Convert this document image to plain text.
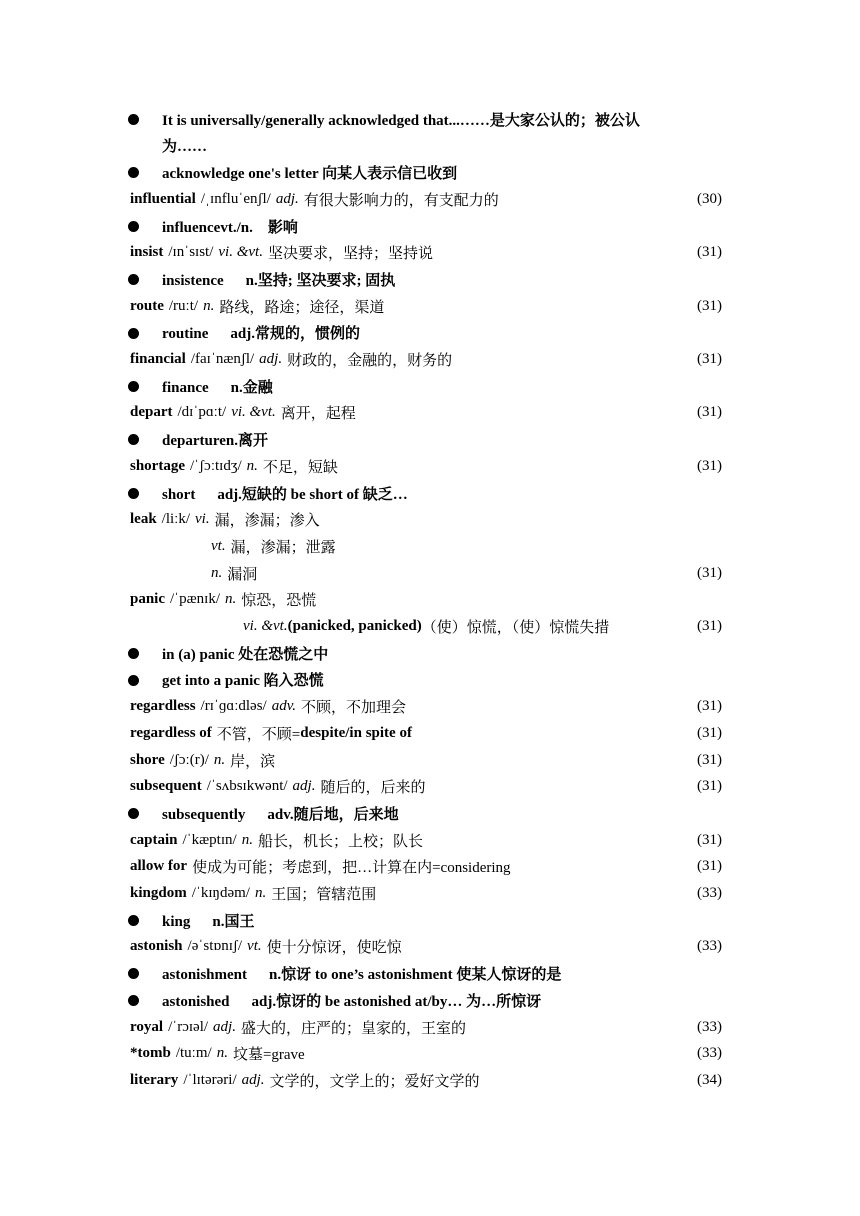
It is universally/generally acknowledged that...……是大家公认的；被公认
为……
acknowledge one's letter 向某人表示信已收到
influential /ˌɪnfluˈenʃl/ adj. 有很大影响力的，有支配力的	(30)
influencevt./n.　影响
insist /ɪnˈsɪst/ vi. &vt. 坚决要求，坚持；坚持说	(31)
insistence n.坚持; 坚决要求; 固执
route /ruːt/ n. 路线，路途；途径，渠道	(31)
routine adj.常规的，惯例的
financial /faɪˈnænʃl/ adj. 财政的，金融的，财务的	(31)
finance n.金融
depart /dɪˈpɑːt/ vi. &vt. 离开，起程	(31)
departuren.离开
shortage /ˈʃɔːtɪdʒ/ n. 不足，短缺	(31)
short adj.短缺的 be short of 缺乏…
leak /liːk/ vi. 漏，渗漏；渗入
vt. 漏，渗漏；泄露
n. 漏洞	(31)
panic /ˈpænɪk/ n. 惊恐，恐慌
vi. &vt. (panicked, panicked) （使）惊慌，（使）惊慌失措	(31)
in (a) panic 处在恐慌之中
get into a panic 陷入恐慌
regardless /rɪˈɡɑːdləs/ adv. 不顾，不加理会	(31)
regardless of 不管，不顾= despite/in spite of	(31)
shore /ʃɔː(r)/ n. 岸，滨	(31)
subsequent /ˈsʌbsɪkwənt/ adj. 随后的，后来的	(31)
subsequently adv.随后地，后来地
captain /ˈkæptɪn/ n. 船长，机长；上校；队长	(31)
allow for 使成为可能；考虑到，把…计算在内=considering	(31)
kingdom /ˈkɪŋdəm/ n. 王国；管辖范围	(33)
king n.国王
astonish /əˈstɒnɪʃ/ vt. 使十分惊讶，使吃惊	(33)
astonishment n.惊讶 to one’s astonishment 使某人惊讶的是
astonished adj.惊讶的 be astonished at/by… 为…所惊讶
royal /ˈrɔɪəl/ adj. 盛大的，庄严的；皇家的，王室的	(33)
*tomb /tuːm/ n. 坟墓=grave	(33)
literary /ˈlɪtərəri/ adj. 文学的，文学上的；爱好文学的	(34)
